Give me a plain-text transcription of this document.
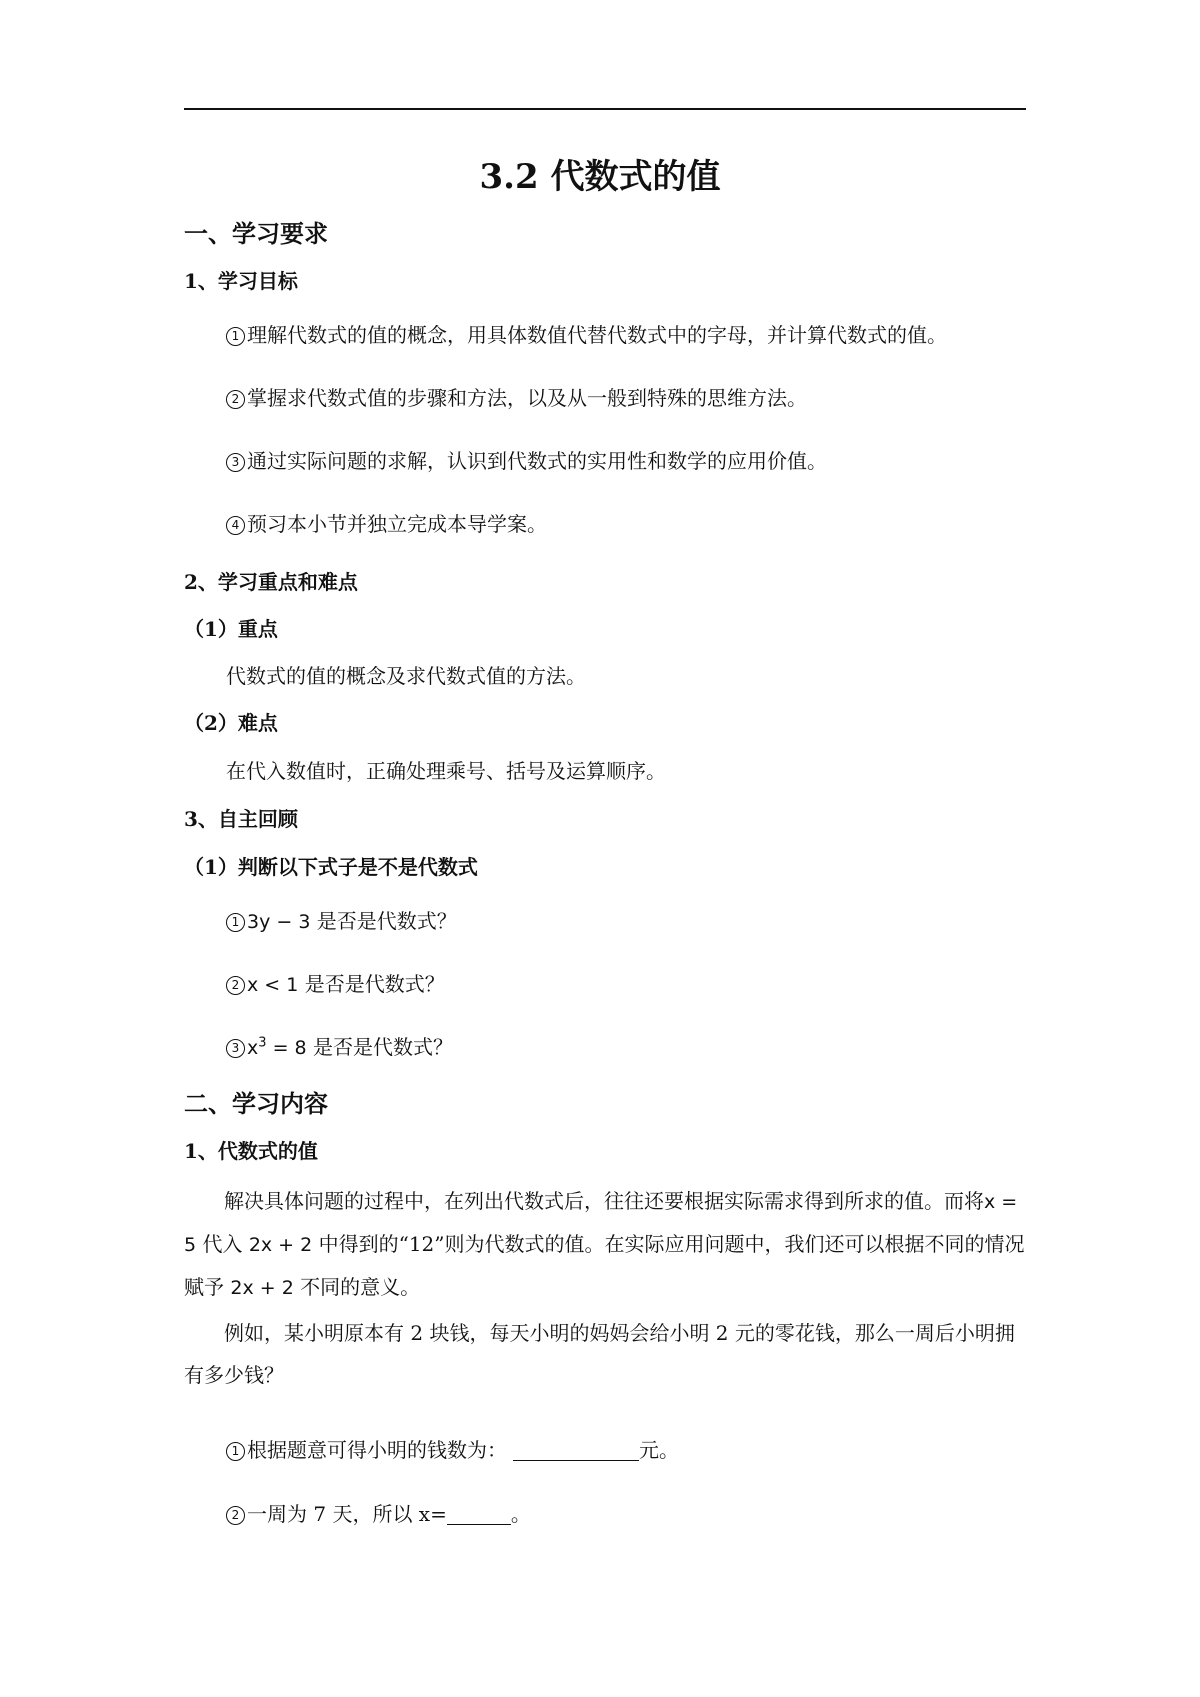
3.2 代数式的值
一、学习要求
1、学习目标
1 理解代数式的值的概念，用具体数值代替代数式中的字母，并计算代数式的值。
2 掌握求代数式值的步骤和方法，以及从一般到特殊的思维方法。
3 通过实际问题的求解，认识到代数式的实用性和数学的应用价值。
4 预习本小节并独立完成本导学案。
2、学习重点和难点
（1）重点
代数式的值的概念及求代数式值的方法。
（2）难点
在代入数值时，正确处理乘号、括号及运算顺序。
3、自主回顾
（1）判断以下式子是不是代数式
1 3y − 3 是否是代数式？
2 x < 1 是否是代数式？
3 $x^3 = 8$ 是否是代数式？
二、学习内容
1、代数式的值
解决具体问题的过程中，在列出代数式后，往往还要根据实际需求得到所求的值。而将x = 5 代入 2x + 2 中得到的“12”则为代数式的值。在实际应用问题中，我们还可以根据不同的情况赋予 2x + 2 不同的意义。
例如，某小明原本有 2 块钱，每天小明的妈妈会给小明 2 元的零花钱，那么一周后小明拥有多少钱？
1 根据题意可得小明的钱数为：	元。
2 一周为 7 天，所以 x=	。
